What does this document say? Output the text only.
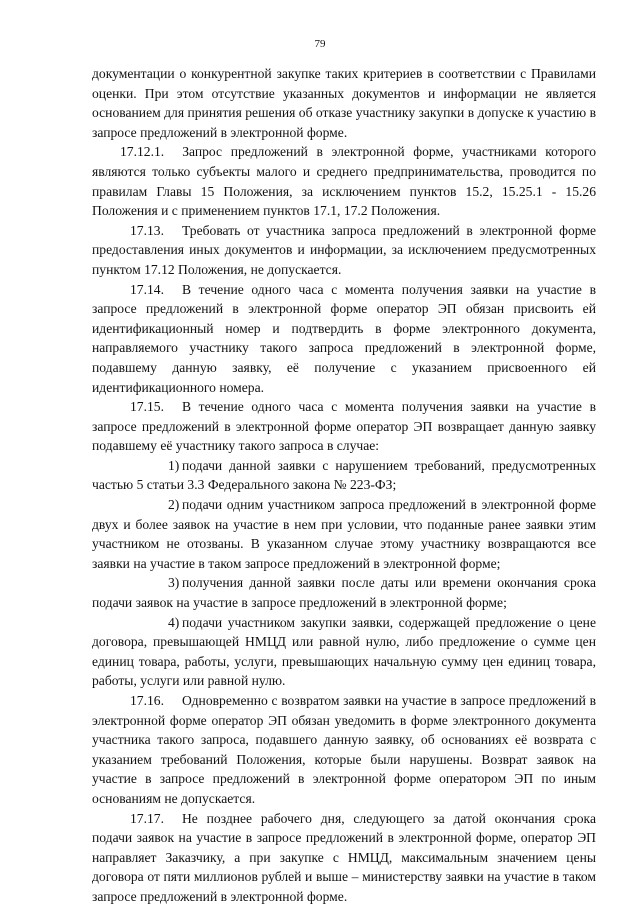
79

документации о конкурентной закупке таких критериев в соответствии с Правилами оценки. При этом отсутствие указанных документов и информации не является основанием для принятия решения об отказе участнику закупки в допуске к участию в запросе предложений в электронной форме.

17.12.1. Запрос предложений в электронной форме, участниками которого являются только субъекты малого и среднего предпринимательства, проводится по правилам Главы 15 Положения, за исключением пунктов 15.2, 15.25.1 - 15.26 Положения и с применением пунктов 17.1, 17.2 Положения.

17.13. Требовать от участника запроса предложений в электронной форме предоставления иных документов и информации, за исключением предусмотренных пунктом 17.12 Положения, не допускается.

17.14. В течение одного часа с момента получения заявки на участие в запросе предложений в электронной форме оператор ЭП обязан присвоить ей идентификационный номер и подтвердить в форме электронного документа, направляемого участнику такого запроса предложений в электронной форме, подавшему данную заявку, её получение с указанием присвоенного ей идентификационного номера.

17.15. В течение одного часа с момента получения заявки на участие в запросе предложений в электронной форме оператор ЭП возвращает данную заявку подавшему её участнику такого запроса в случае:

1) подачи данной заявки с нарушением требований, предусмотренных частью 5 статьи 3.3 Федерального закона № 223-ФЗ;

2) подачи одним участником запроса предложений в электронной форме двух и более заявок на участие в нем при условии, что поданные ранее заявки этим участником не отозваны. В указанном случае этому участнику возвращаются все заявки на участие в таком запросе предложений в электронной форме;

3) получения данной заявки после даты или времени окончания срока подачи заявок на участие в запросе предложений в электронной форме;

4) подачи участником закупки заявки, содержащей предложение о цене договора, превышающей НМЦД или равной нулю, либо предложение о сумме цен единиц товара, работы, услуги, превышающих начальную сумму цен единиц товара, работы, услуги или равной нулю.

17.16. Одновременно с возвратом заявки на участие в запросе предложений в электронной форме оператор ЭП обязан уведомить в форме электронного документа участника такого запроса, подавшего данную заявку, об основаниях её возврата с указанием требований Положения, которые были нарушены. Возврат заявок на участие в запросе предложений в электронной форме оператором ЭП по иным основаниям не допускается.

17.17. Не позднее рабочего дня, следующего за датой окончания срока подачи заявок на участие в запросе предложений в электронной форме, оператор ЭП направляет Заказчику, а при закупке с НМЦД, максимальным значением цены договора от пяти миллионов рублей и выше – министерству заявки на участие в таком запросе предложений в электронной форме.
